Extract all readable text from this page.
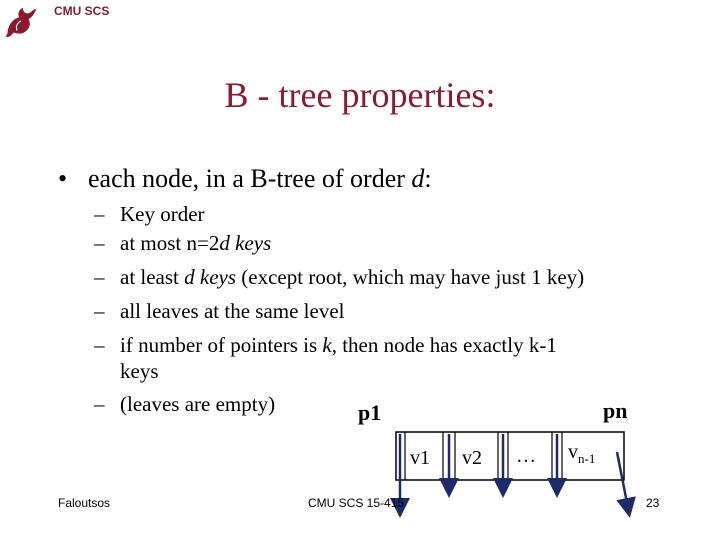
CMU SCS
B - tree properties:
• each node, in a B-tree of order d:
– Key order
– at most n=2d keys
– at least d keys (except root, which may have just 1 key)
– all leaves at the same level
– if number of pointers is k, then node has exactly k-1
keys
– (leaves are empty)	p1	pn
v1 v2 … $v_{n-1}$
Faloutsos	CMU SCS 15-415	23
